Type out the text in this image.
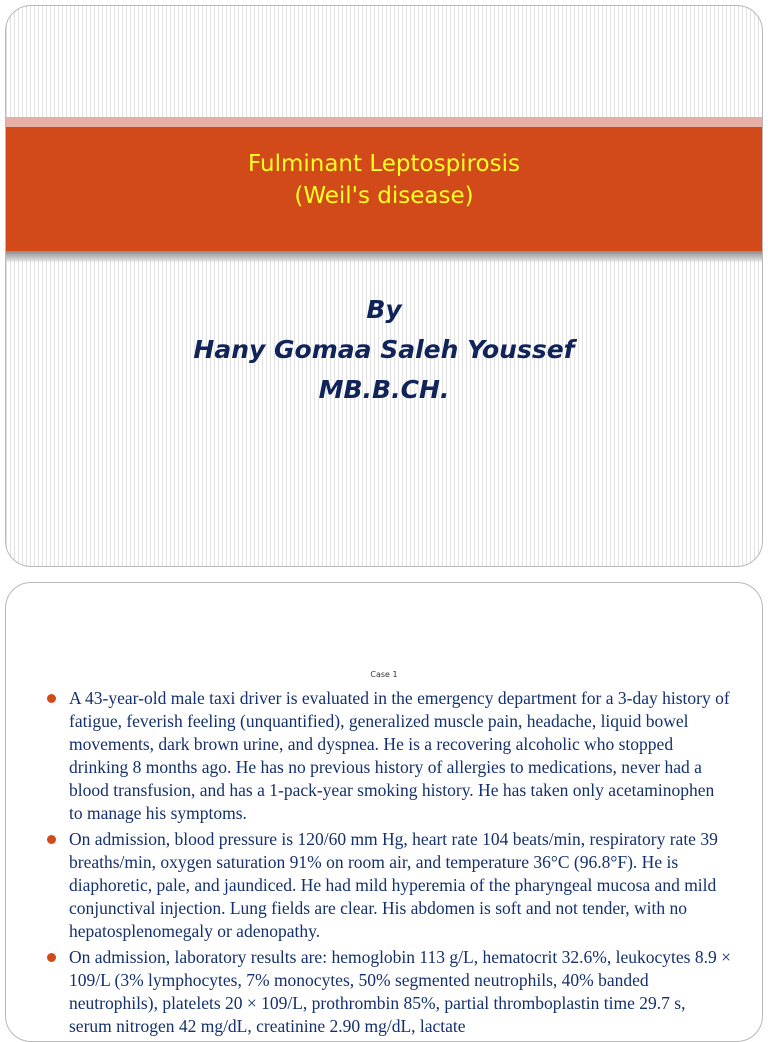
Fulminant Leptospirosis
(Weil's disease)
By
Hany Gomaa Saleh Youssef
MB.B.CH.
Case 1
A 43-year-old male taxi driver is evaluated in the emergency department for a 3-day history of fatigue, feverish feeling (unquantified), generalized muscle pain, headache, liquid bowel movements, dark brown urine, and dyspnea. He is a recovering alcoholic who stopped drinking 8 months ago. He has no previous history of allergies to medications, never had a blood transfusion, and has a 1-pack-year smoking history. He has taken only acetaminophen to manage his symptoms.
On admission, blood pressure is 120/60 mm Hg, heart rate 104 beats/min, respiratory rate 39 breaths/min, oxygen saturation 91% on room air, and temperature 36°C (96.8°F). He is diaphoretic, pale, and jaundiced. He had mild hyperemia of the pharyngeal mucosa and mild conjunctival injection. Lung fields are clear. His abdomen is soft and not tender, with no hepatosplenomegaly or adenopathy.
On admission, laboratory results are: hemoglobin 113 g/L, hematocrit 32.6%, leukocytes 8.9 × 109/L (3% lymphocytes, 7% monocytes, 50% segmented neutrophils, 40% banded neutrophils), platelets 20 × 109/L, prothrombin 85%, partial thromboplastin time 29.7 s, serum nitrogen 42 mg/dL, creatinine 2.90 mg/dL, lactate
